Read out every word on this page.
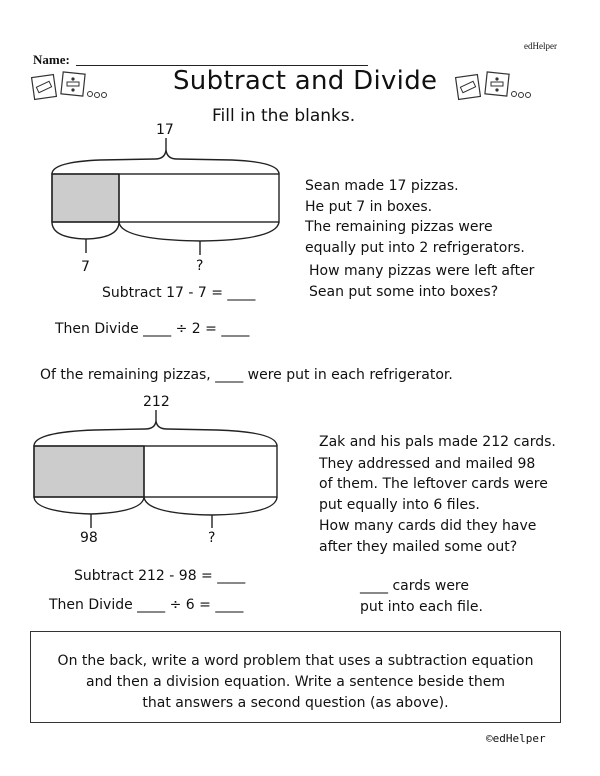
edHelper
Name:
Subtract and Divide
Fill in the blanks.
17
7	?
Sean made 17 pizzas.
He put 7 in boxes.
The remaining pizzas were
equally put into 2 refrigerators.
How many pizzas were left after
Sean put some into boxes?
Subtract 17 - 7 = ____
Then Divide ____ ÷ 2 = ____
Of the remaining pizzas, ____ were put in each refrigerator.
212
98	?
Zak and his pals made 212 cards.
They addressed and mailed 98
of them. The leftover cards were
put equally into 6 files.
How many cards did they have
after they mailed some out?
Subtract 212 - 98 = ____
Then Divide ____ ÷ 6 = ____
____ cards were
put into each file.
On the back, write a word problem that uses a subtraction equation
and then a division equation. Write a sentence beside them
that answers a second question (as above).
©edHelper
